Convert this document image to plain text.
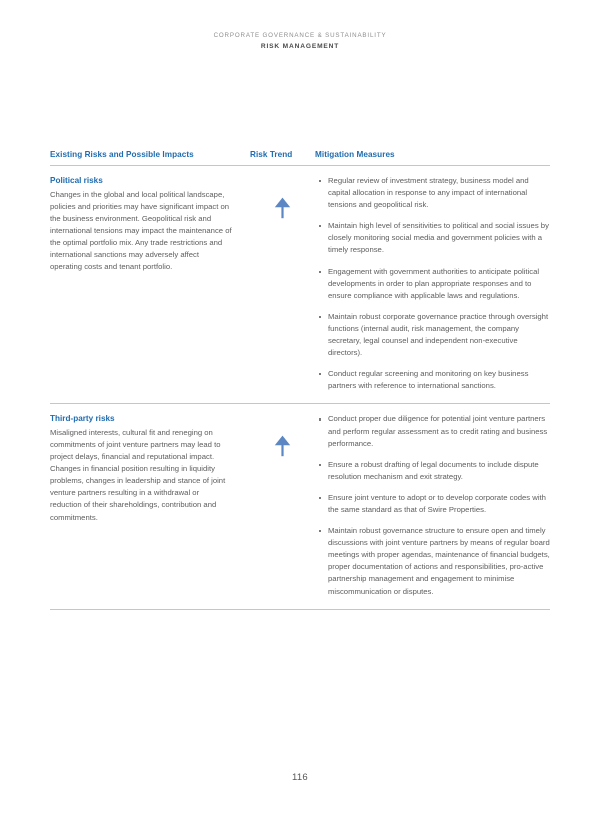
CORPORATE GOVERNANCE & SUSTAINABILITY
RISK MANAGEMENT
Existing Risks and Possible Impacts	Risk Trend	Mitigation Measures
Political risks

Changes in the global and local political landscape, policies and priorities may have significant impact on the business environment. Geopolitical risk and international tensions may impact the maintenance of the optimal portfolio mix. Any trade restrictions and international sanctions may adversely affect operating costs and tenant portfolio.

Regular review of investment strategy, business model and capital allocation in response to any impact of international tensions and geopolitical risk.
Maintain high level of sensitivities to political and social issues by closely monitoring social media and government policies with a timely response.
Engagement with government authorities to anticipate political developments in order to plan appropriate responses and to ensure compliance with applicable laws and regulations.
Maintain robust corporate governance practice through oversight functions (internal audit, risk management, the company secretary, legal counsel and independent non-executive directors).
Conduct regular screening and monitoring on key business partners with reference to international sanctions.
Third-party risks

Misaligned interests, cultural fit and reneging on commitments of joint venture partners may lead to project delays, financial and reputational impact. Changes in financial position resulting in liquidity problems, changes in leadership and stance of joint venture partners resulting in a withdrawal or reduction of their shareholdings, contribution and commitments.

Conduct proper due diligence for potential joint venture partners and perform regular assessment as to credit rating and business performance.
Ensure a robust drafting of legal documents to include dispute resolution mechanism and exit strategy.
Ensure joint venture to adopt or to develop corporate codes with the same standard as that of Swire Properties.
Maintain robust governance structure to ensure open and timely discussions with joint venture partners by means of regular board meetings with proper agendas, maintenance of financial budgets, proper documentation of actions and responsibilities, pro-active partnership management and engagement to minimise miscommunication or disputes.
116
